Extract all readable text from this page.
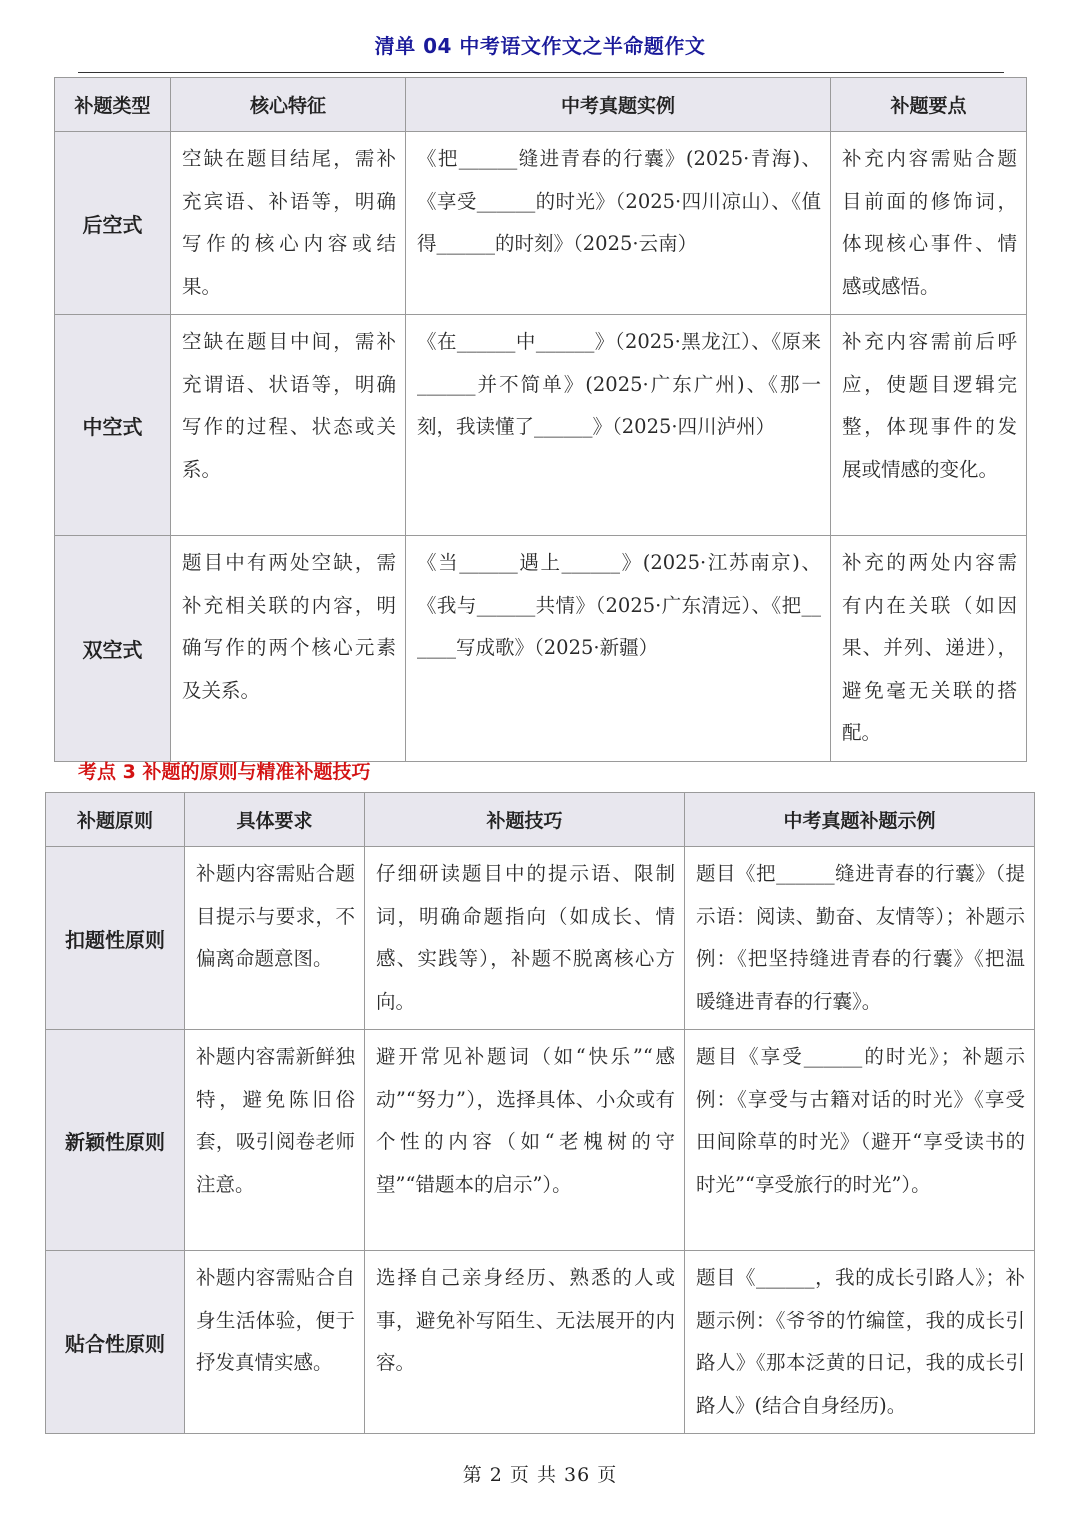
清单 04 中考语文作文之半命题作文
补题类型	核心特征	中考真题实例	补题要点
后空式	空缺在题目结尾，需补充宾语、补语等，明确写作的核心内容或结果。	《把______缝进青春的行囊》(2025·青海)、《享受______的时光》（2025·四川凉山）、《值得______的时刻》（2025·云南）	补充内容需贴合题目前面的修饰词，体现核心事件、情感或感悟。
中空式	空缺在题目中间，需补充谓语、状语等，明确写作的过程、状态或关系。	《在______中______》（2025·黑龙江）、《原来______并不简单》(2025·广东广州)、《那一刻，我读懂了______》（2025·四川泸州）	补充内容需前后呼应，使题目逻辑完整，体现事件的发展或情感的变化。
双空式	题目中有两处空缺，需补充相关联的内容，明确写作的两个核心元素及关系。	《当______遇上______》(2025·江苏南京)、《我与______共情》（2025·广东清远）、《把______写成歌》（2025·新疆）	补充的两处内容需有内在关联（如因果、并列、递进），避免毫无关联的搭配。
考点 3 补题的原则与精准补题技巧
补题原则	具体要求	补题技巧	中考真题补题示例
扣题性原则	补题内容需贴合题目提示与要求，不偏离命题意图。	仔细研读题目中的提示语、限制词，明确命题指向（如成长、情感、实践等），补题不脱离核心方向。	题目《把______缝进青春的行囊》（提示语：阅读、勤奋、友情等）；补题示例：《把坚持缝进青春的行囊》《把温暖缝进青春的行囊》。
新颖性原则	补题内容需新鲜独特，避免陈旧俗套，吸引阅卷老师注意。	避开常见补题词（如“快乐”“感动”“努力”），选择具体、小众或有个性的内容（如“老槐树的守望”“错题本的启示”）。	题目《享受______的时光》；补题示例：《享受与古籍对话的时光》《享受田间除草的时光》（避开“享受读书的时光”“享受旅行的时光”）。
贴合性原则	补题内容需贴合自身生活体验，便于抒发真情实感。	选择自己亲身经历、熟悉的人或事，避免补写陌生、无法展开的内容。	题目《______，我的成长引路人》；补题示例：《爷爷的竹编筐，我的成长引路人》《那本泛黄的日记，我的成长引路人》(结合自身经历)。
第 2 页 共 36 页
